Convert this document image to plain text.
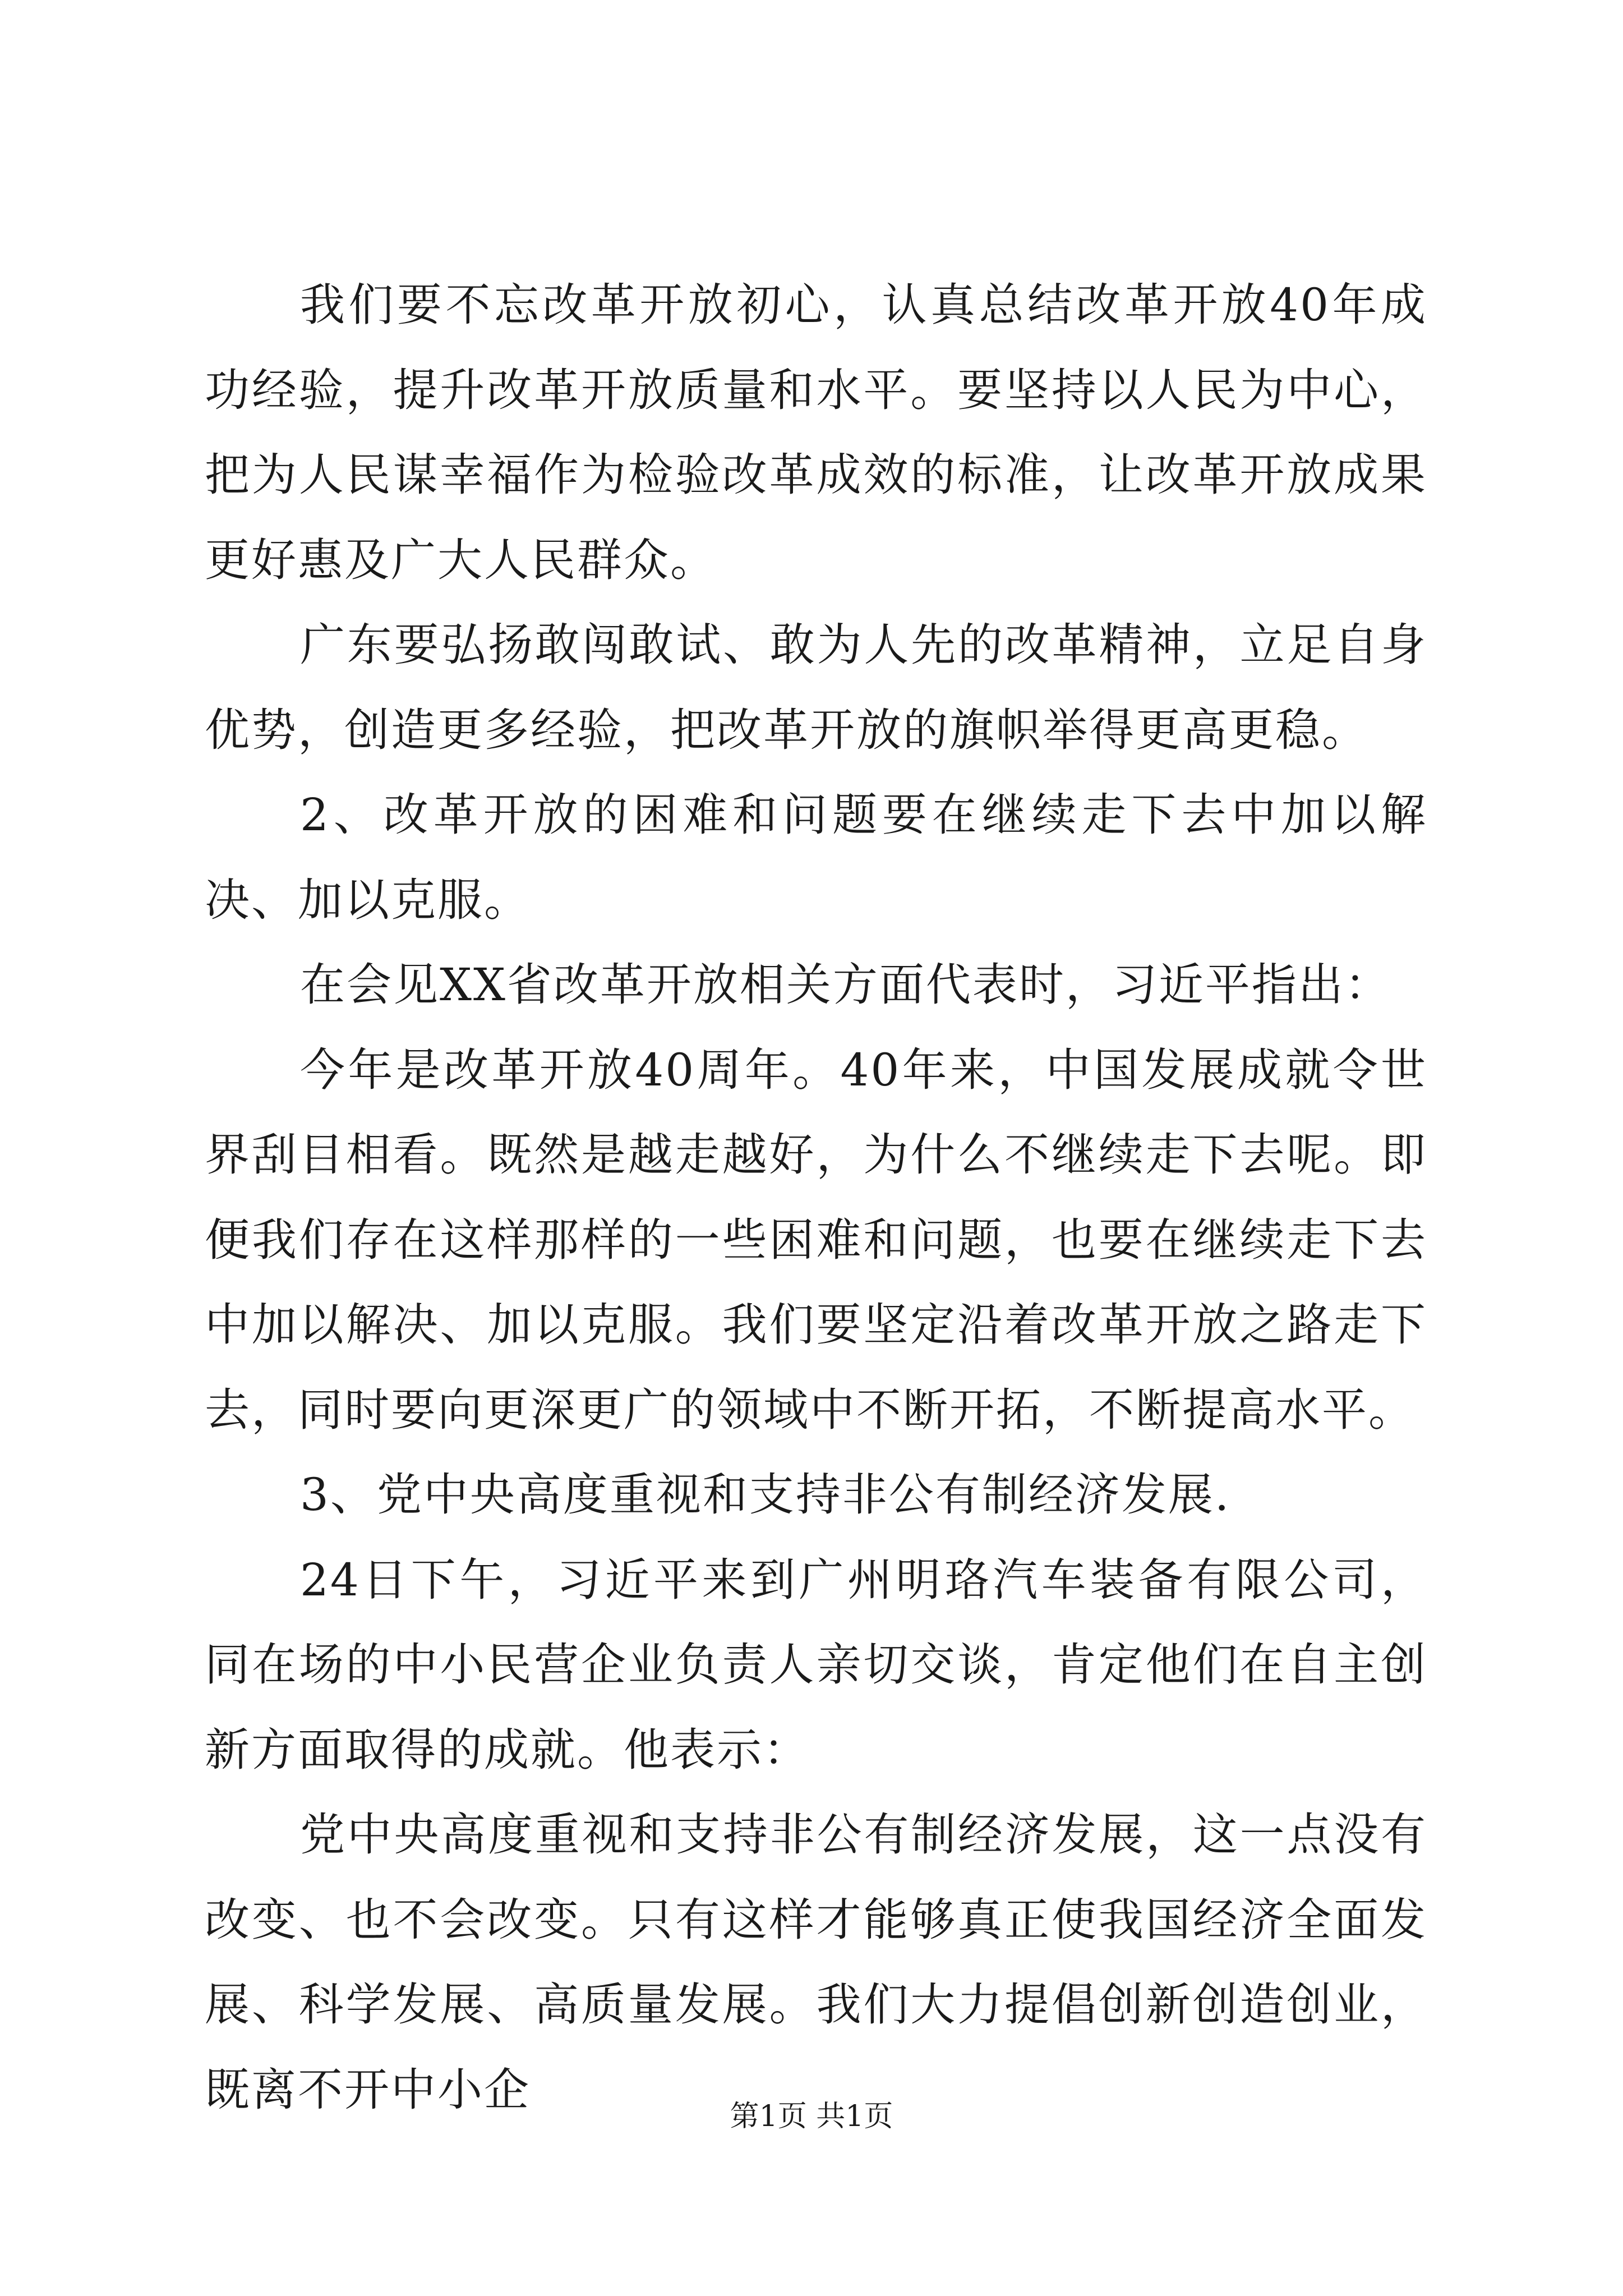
我们要不忘改革开放初心，认真总结改革开放40年成功经验，提升改革开放质量和水平。要坚持以人民为中心，把为人民谋幸福作为检验改革成效的标准，让改革开放成果更好惠及广大人民群众。

广东要弘扬敢闯敢试、敢为人先的改革精神，立足自身优势，创造更多经验，把改革开放的旗帜举得更高更稳。

2、改革开放的困难和问题要在继续走下去中加以解决、加以克服。

在会见XX省改革开放相关方面代表时，习近平指出：

今年是改革开放40周年。40年来，中国发展成就令世界刮目相看。既然是越走越好，为什么不继续走下去呢。即便我们存在这样那样的一些困难和问题，也要在继续走下去中加以解决、加以克服。我们要坚定沿着改革开放之路走下去，同时要向更深更广的领域中不断开拓，不断提高水平。

3、党中央高度重视和支持非公有制经济发展.

24日下午，习近平来到广州明珞汽车装备有限公司，同在场的中小民营企业负责人亲切交谈，肯定他们在自主创新方面取得的成就。他表示：

党中央高度重视和支持非公有制经济发展，这一点没有改变、也不会改变。只有这样才能够真正使我国经济全面发展、科学发展、高质量发展。我们大力提倡创新创造创业，既离不开中小企

第1页 共1页
